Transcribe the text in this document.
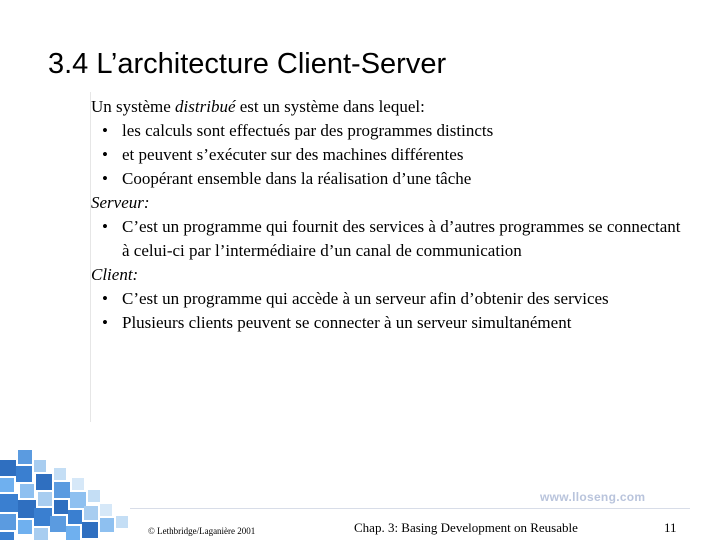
3.4 L’architecture Client-Server

Un système distribué est un système dans lequel:

• les calculs sont effectués par des programmes distincts
• et peuvent s’exécuter sur des machines différentes
• Coopérant ensemble dans la réalisation d’une tâche

Serveur:

• C’est un programme qui fournit des services à d’autres programmes se connectant à celui-ci par l’intermédiaire d’un canal de communication

Client:

• C’est un programme qui accède à un serveur afin d’obtenir des services
• Plusieurs clients peuvent se connecter à un serveur simultanément
www.lloseng.com
© Lethbridge/Laganière 2001	Chap. 3: Basing Development on Reusable	11
